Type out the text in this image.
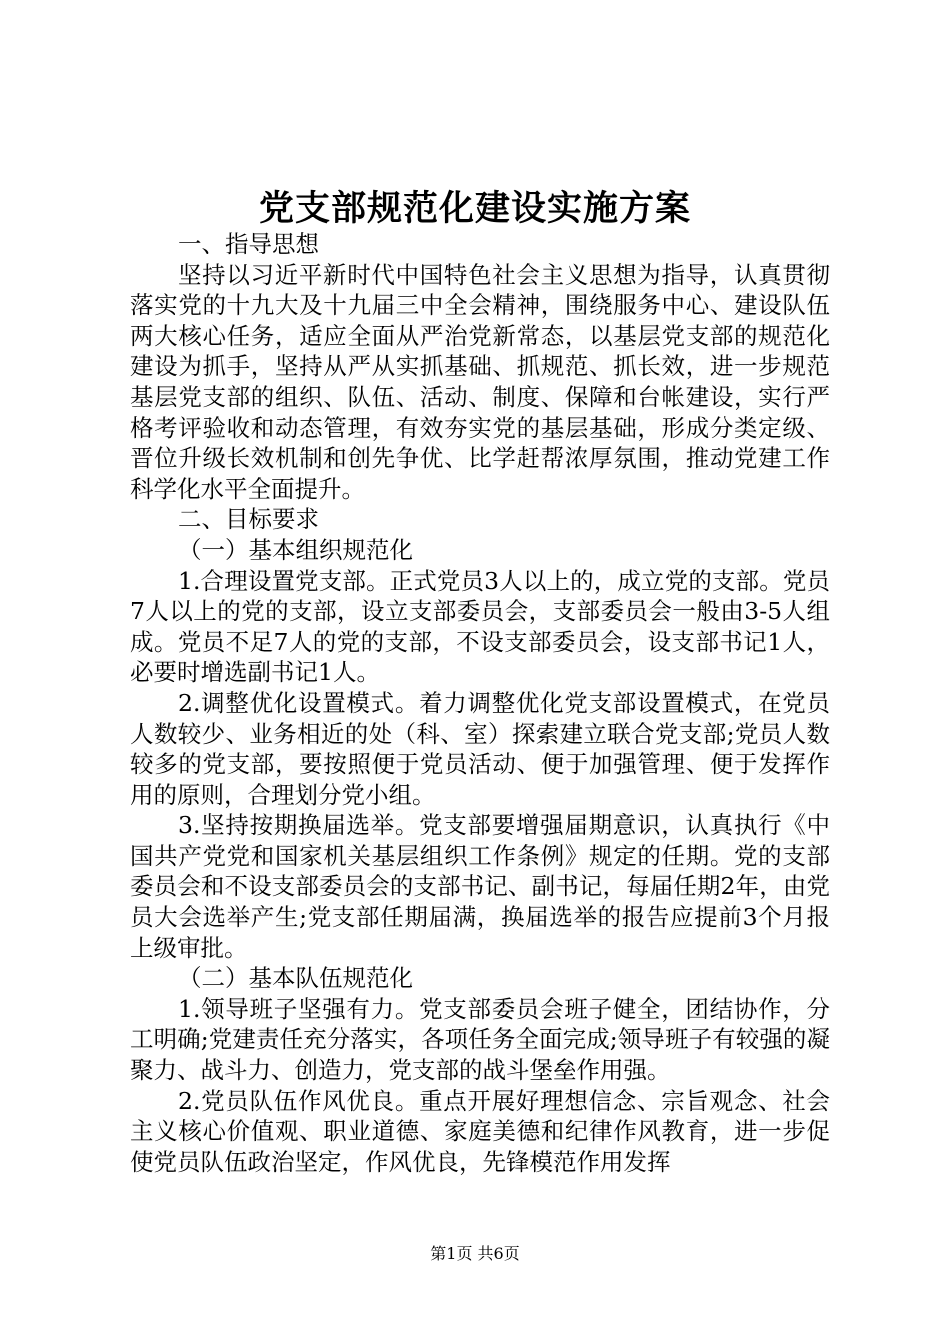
党支部规范化建设实施方案

一、指导思想

坚持以习近平新时代中国特色社会主义思想为指导，认真贯彻落实党的十九大及十九届三中全会精神，围绕服务中心、建设队伍两大核心任务，适应全面从严治党新常态，以基层党支部的规范化建设为抓手，坚持从严从实抓基础、抓规范、抓长效，进一步规范基层党支部的组织、队伍、活动、制度、保障和台帐建设，实行严格考评验收和动态管理，有效夯实党的基层基础，形成分类定级、晋位升级长效机制和创先争优、比学赶帮浓厚氛围，推动党建工作科学化水平全面提升。

二、目标要求

（一）基本组织规范化

1.合理设置党支部。正式党员3人以上的，成立党的支部。党员7人以上的党的支部，设立支部委员会，支部委员会一般由3-5人组成。党员不足7人的党的支部，不设支部委员会，设支部书记1人，必要时增选副书记1人。

2.调整优化设置模式。着力调整优化党支部设置模式，在党员人数较少、业务相近的处（科、室）探索建立联合党支部;党员人数较多的党支部，要按照便于党员活动、便于加强管理、便于发挥作用的原则，合理划分党小组。

3.坚持按期换届选举。党支部要增强届期意识，认真执行《中国共产党党和国家机关基层组织工作条例》规定的任期。党的支部委员会和不设支部委员会的支部书记、副书记，每届任期2年，由党员大会选举产生;党支部任期届满，换届选举的报告应提前3个月报上级审批。

（二）基本队伍规范化

1.领导班子坚强有力。党支部委员会班子健全，团结协作，分工明确;党建责任充分落实，各项任务全面完成;领导班子有较强的凝聚力、战斗力、创造力，党支部的战斗堡垒作用强。

2.党员队伍作风优良。重点开展好理想信念、宗旨观念、社会主义核心价值观、职业道德、家庭美德和纪律作风教育，进一步促使党员队伍政治坚定，作风优良，先锋模范作用发挥

第1页 共6页
